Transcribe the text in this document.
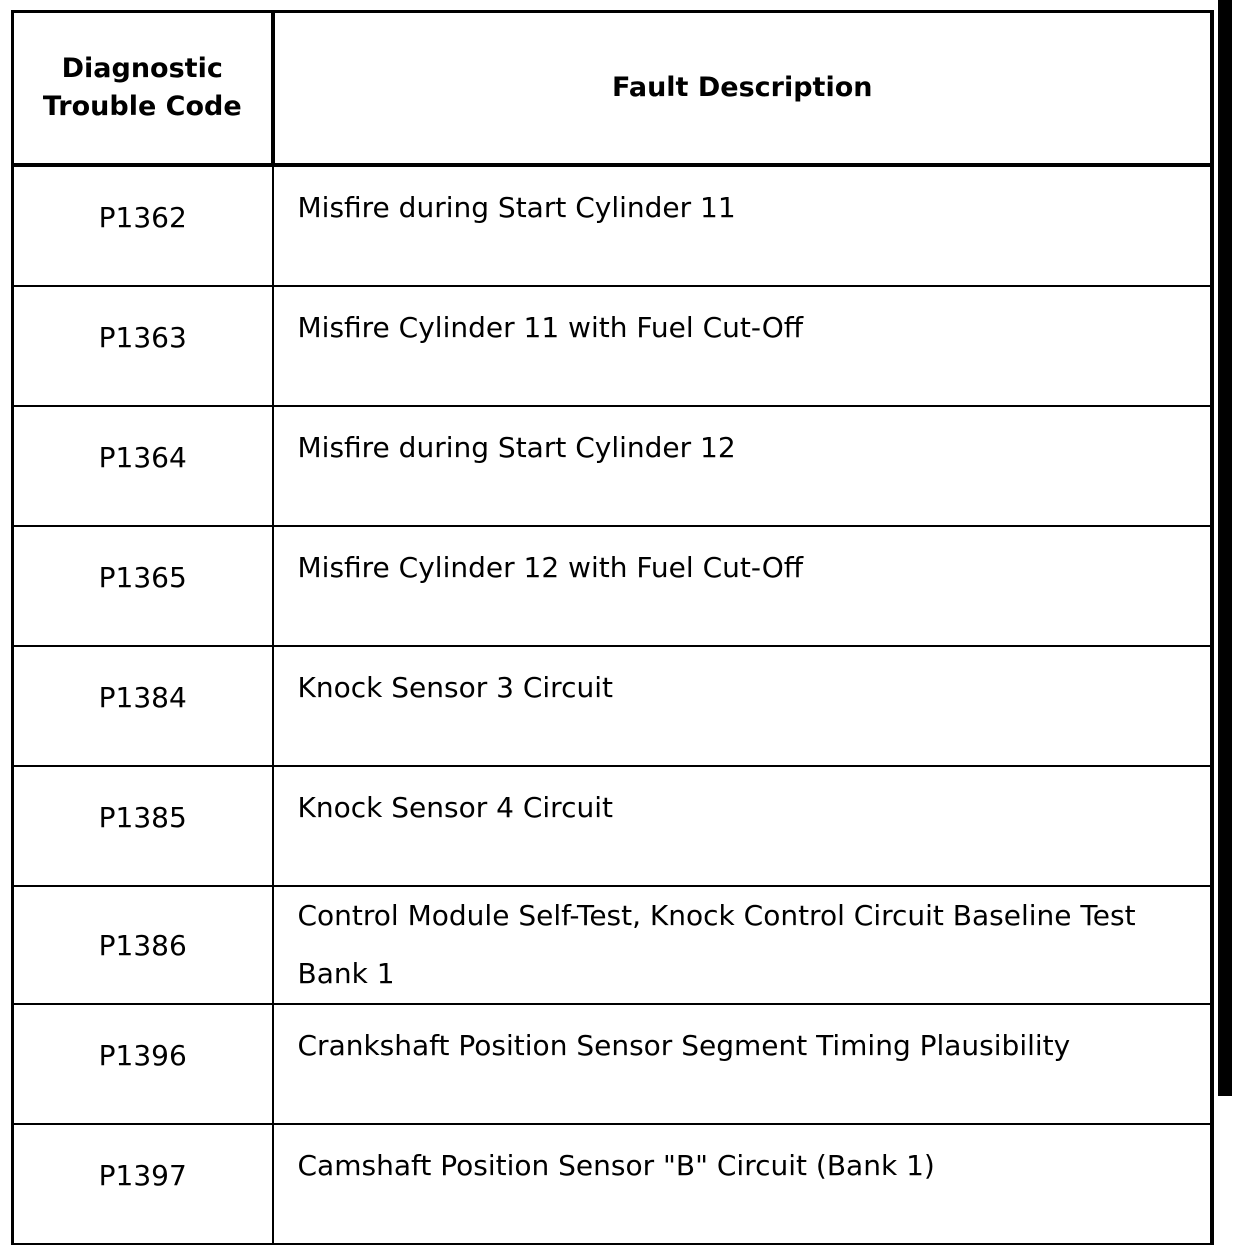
Diagnostic
Trouble Code	Fault Description
P1362	Misfire during Start Cylinder 11
P1363	Misfire Cylinder 11 with Fuel Cut-Off
P1364	Misfire during Start Cylinder 12
P1365	Misfire Cylinder 12 with Fuel Cut-Off
P1384	Knock Sensor 3 Circuit
P1385	Knock Sensor 4 Circuit
P1386	Control Module Self-Test, Knock Control Circuit Baseline Test Bank 1
P1396	Crankshaft Position Sensor Segment Timing Plausibility
P1397	Camshaft Position Sensor "B" Circuit (Bank 1)
